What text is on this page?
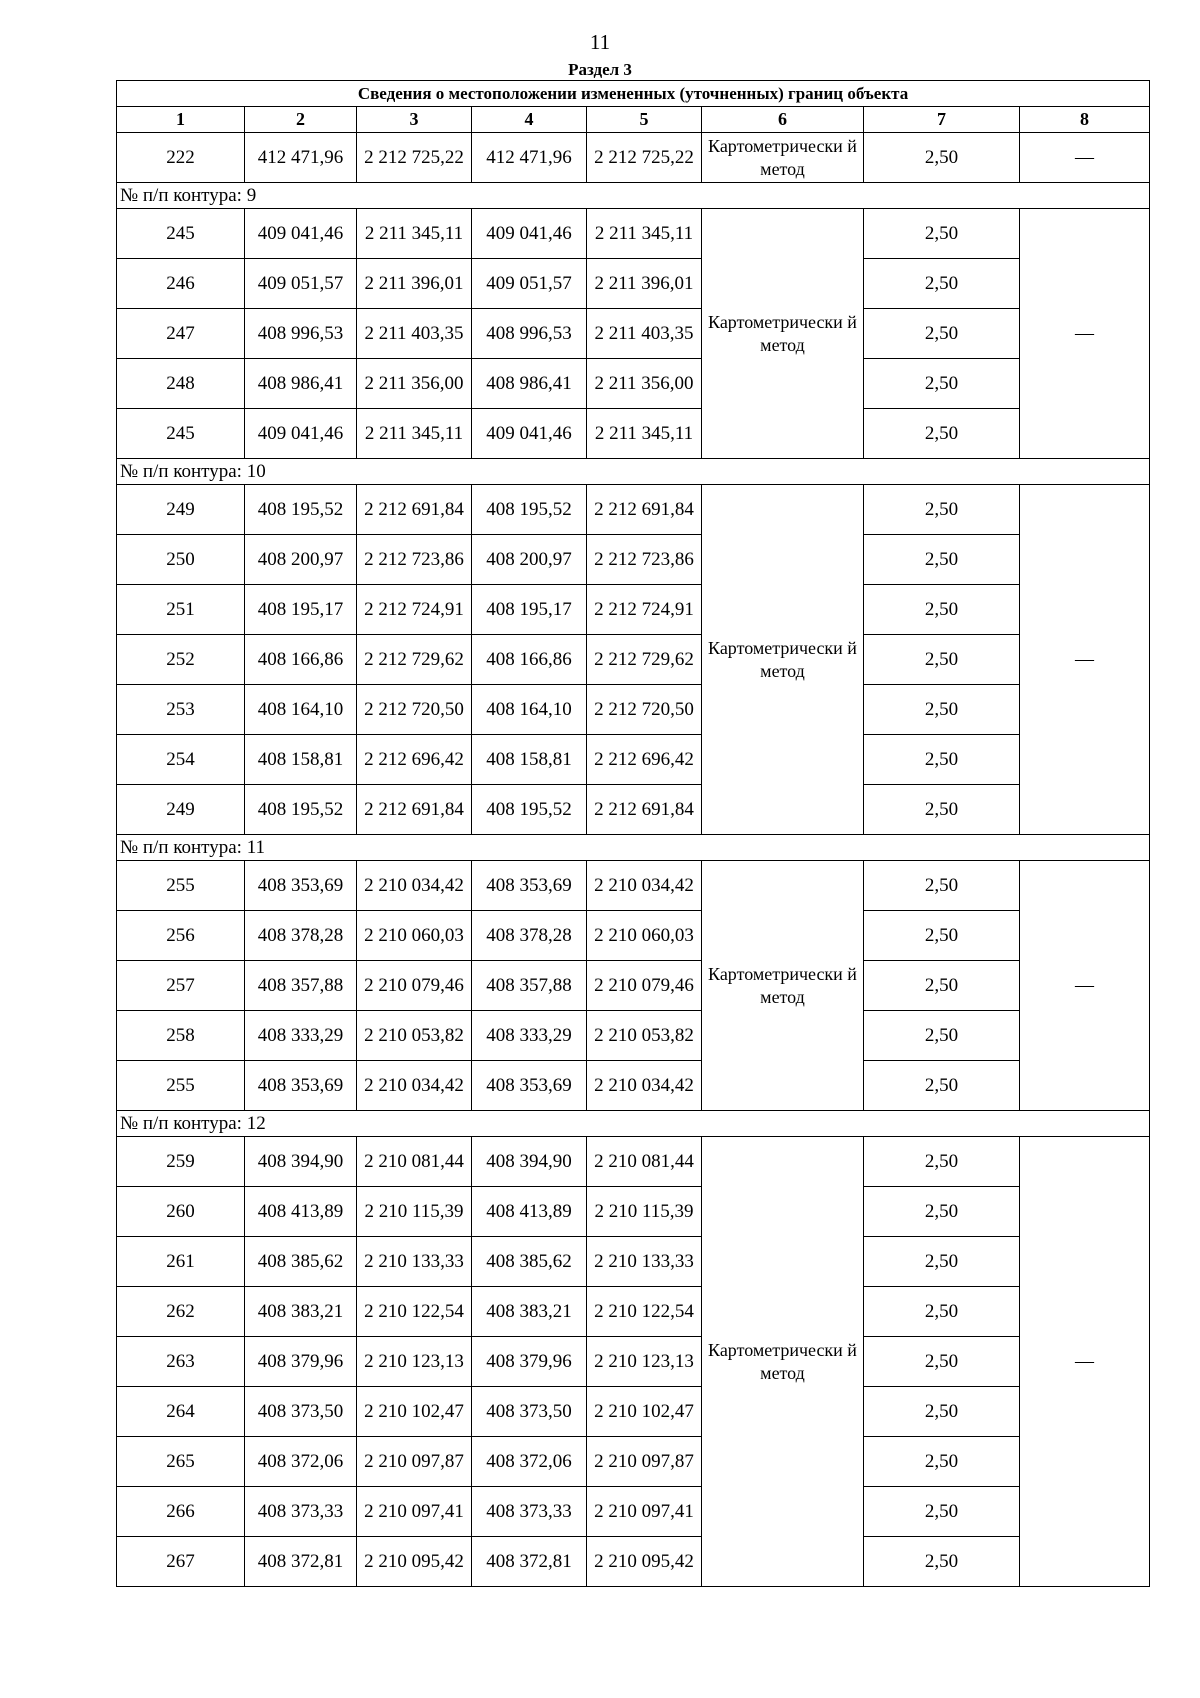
11
Раздел 3
Сведения о местоположении измененных (уточненных) границ объекта							
1	2	3	4	5	6	7	8
222	412 471,96	2 212 725,22	412 471,96	2 212 725,22	Картометрически й метод	2,50	—
№ п/п контура: 9							
245	409 041,46	2 211 345,11	409 041,46	2 211 345,11	Картометрически й метод	2,50	—
246	409 051,57	2 211 396,01	409 051,57	2 211 396,01		2,50	
247	408 996,53	2 211 403,35	408 996,53	2 211 403,35		2,50	
248	408 986,41	2 211 356,00	408 986,41	2 211 356,00		2,50	
245	409 041,46	2 211 345,11	409 041,46	2 211 345,11		2,50	
№ п/п контура: 10							
249	408 195,52	2 212 691,84	408 195,52	2 212 691,84	Картометрически й метод	2,50	—
250	408 200,97	2 212 723,86	408 200,97	2 212 723,86		2,50	
251	408 195,17	2 212 724,91	408 195,17	2 212 724,91		2,50	
252	408 166,86	2 212 729,62	408 166,86	2 212 729,62		2,50	
253	408 164,10	2 212 720,50	408 164,10	2 212 720,50		2,50	
254	408 158,81	2 212 696,42	408 158,81	2 212 696,42		2,50	
249	408 195,52	2 212 691,84	408 195,52	2 212 691,84		2,50	
№ п/п контура: 11							
255	408 353,69	2 210 034,42	408 353,69	2 210 034,42	Картометрически й метод	2,50	—
256	408 378,28	2 210 060,03	408 378,28	2 210 060,03		2,50	
257	408 357,88	2 210 079,46	408 357,88	2 210 079,46		2,50	
258	408 333,29	2 210 053,82	408 333,29	2 210 053,82		2,50	
255	408 353,69	2 210 034,42	408 353,69	2 210 034,42		2,50	
№ п/п контура: 12							
259	408 394,90	2 210 081,44	408 394,90	2 210 081,44	Картометрически й метод	2,50	—
260	408 413,89	2 210 115,39	408 413,89	2 210 115,39		2,50	
261	408 385,62	2 210 133,33	408 385,62	2 210 133,33		2,50	
262	408 383,21	2 210 122,54	408 383,21	2 210 122,54		2,50	
263	408 379,96	2 210 123,13	408 379,96	2 210 123,13		2,50	
264	408 373,50	2 210 102,47	408 373,50	2 210 102,47		2,50	
265	408 372,06	2 210 097,87	408 372,06	2 210 097,87		2,50	
266	408 373,33	2 210 097,41	408 373,33	2 210 097,41		2,50	
267	408 372,81	2 210 095,42	408 372,81	2 210 095,42		2,50	
